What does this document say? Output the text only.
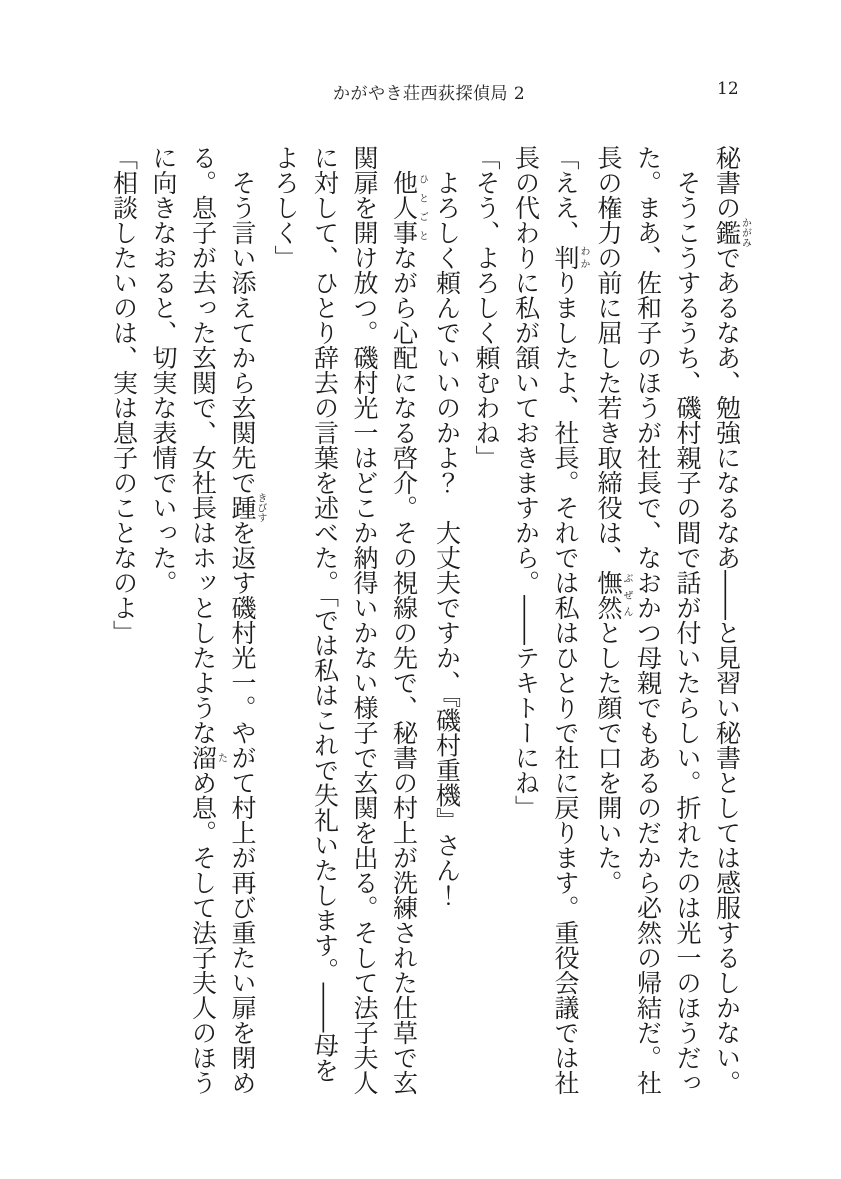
かがやき荘西荻探偵局 2	12

秘書の鑑かがみであるなあ、勉強になるなあ――と見習い秘書としては感服するしかない。

　そうこうするうち、磯村親子の間で話が付いたらしい。折れたのは光一のほうだった。まあ、佐和子のほうが社長で、なおかつ母親でもあるのだから必然の帰結だ。社長の権力の前に屈した若き取締役は、憮然ぶぜんとした顔で口を開いた。

「ええ、判わかりましたよ、社長。それでは私はひとりで社に戻ります。重役会議では社長の代わりに私が頷いておきますから。――テキトーにね」

「そう、よろしく頼むわね」

　よろしく頼んでいいのかよ？　大丈夫ですか、『磯村重機』さん！

　他人事ひとごとながら心配になる啓介。その視線の先で、秘書の村上が洗練された仕草で玄関扉を開け放つ。磯村光一はどこか納得いかない様子で玄関を出る。そして法子夫人に対して、ひとり辞去の言葉を述べた。「では私はこれで失礼いたします。――母をよろしく」

　そう言い添えてから玄関先で踵きびすを返す磯村光一。やがて村上が再び重たい扉を閉める。息子が去った玄関で、女社長はホッとしたような溜ため息。そして法子夫人のほうに向きなおると、切実な表情でいった。

「相談したいのは、実は息子のことなのよ」
